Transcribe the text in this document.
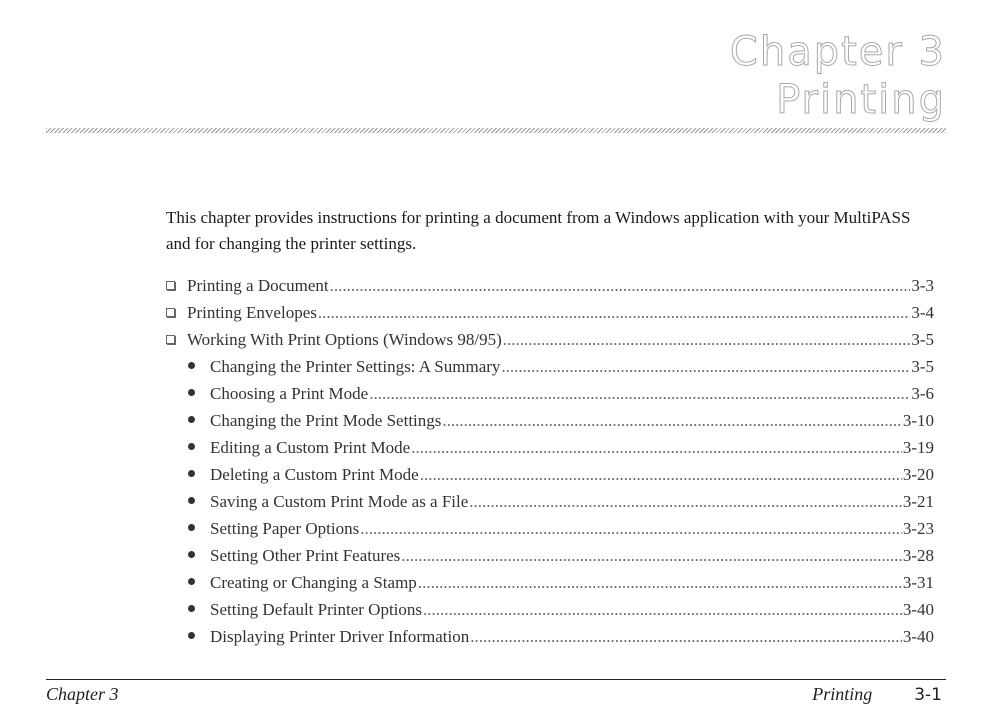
Chapter 3
Printing

This chapter provides instructions for printing a document from a Windows application with your MultiPASS and for changing the printer settings.

Printing a Document .....	3-3
Printing Envelopes .....	3-4
Working With Print Options (Windows 98/95) .....	3-5
Changing the Printer Settings: A Summary .....	3-5
Choosing a Print Mode .....	3-6
Changing the Print Mode Settings .....	3-10
Editing a Custom Print Mode .....	3-19
Deleting a Custom Print Mode .....	3-20
Saving a Custom Print Mode as a File .....	3-21
Setting Paper Options .....	3-23
Setting Other Print Features .....	3-28
Creating or Changing a Stamp .....	3-31
Setting Default Printer Options .....	3-40
Displaying Printer Driver Information .....	3-40
Chapter 3	Printing 3-1
